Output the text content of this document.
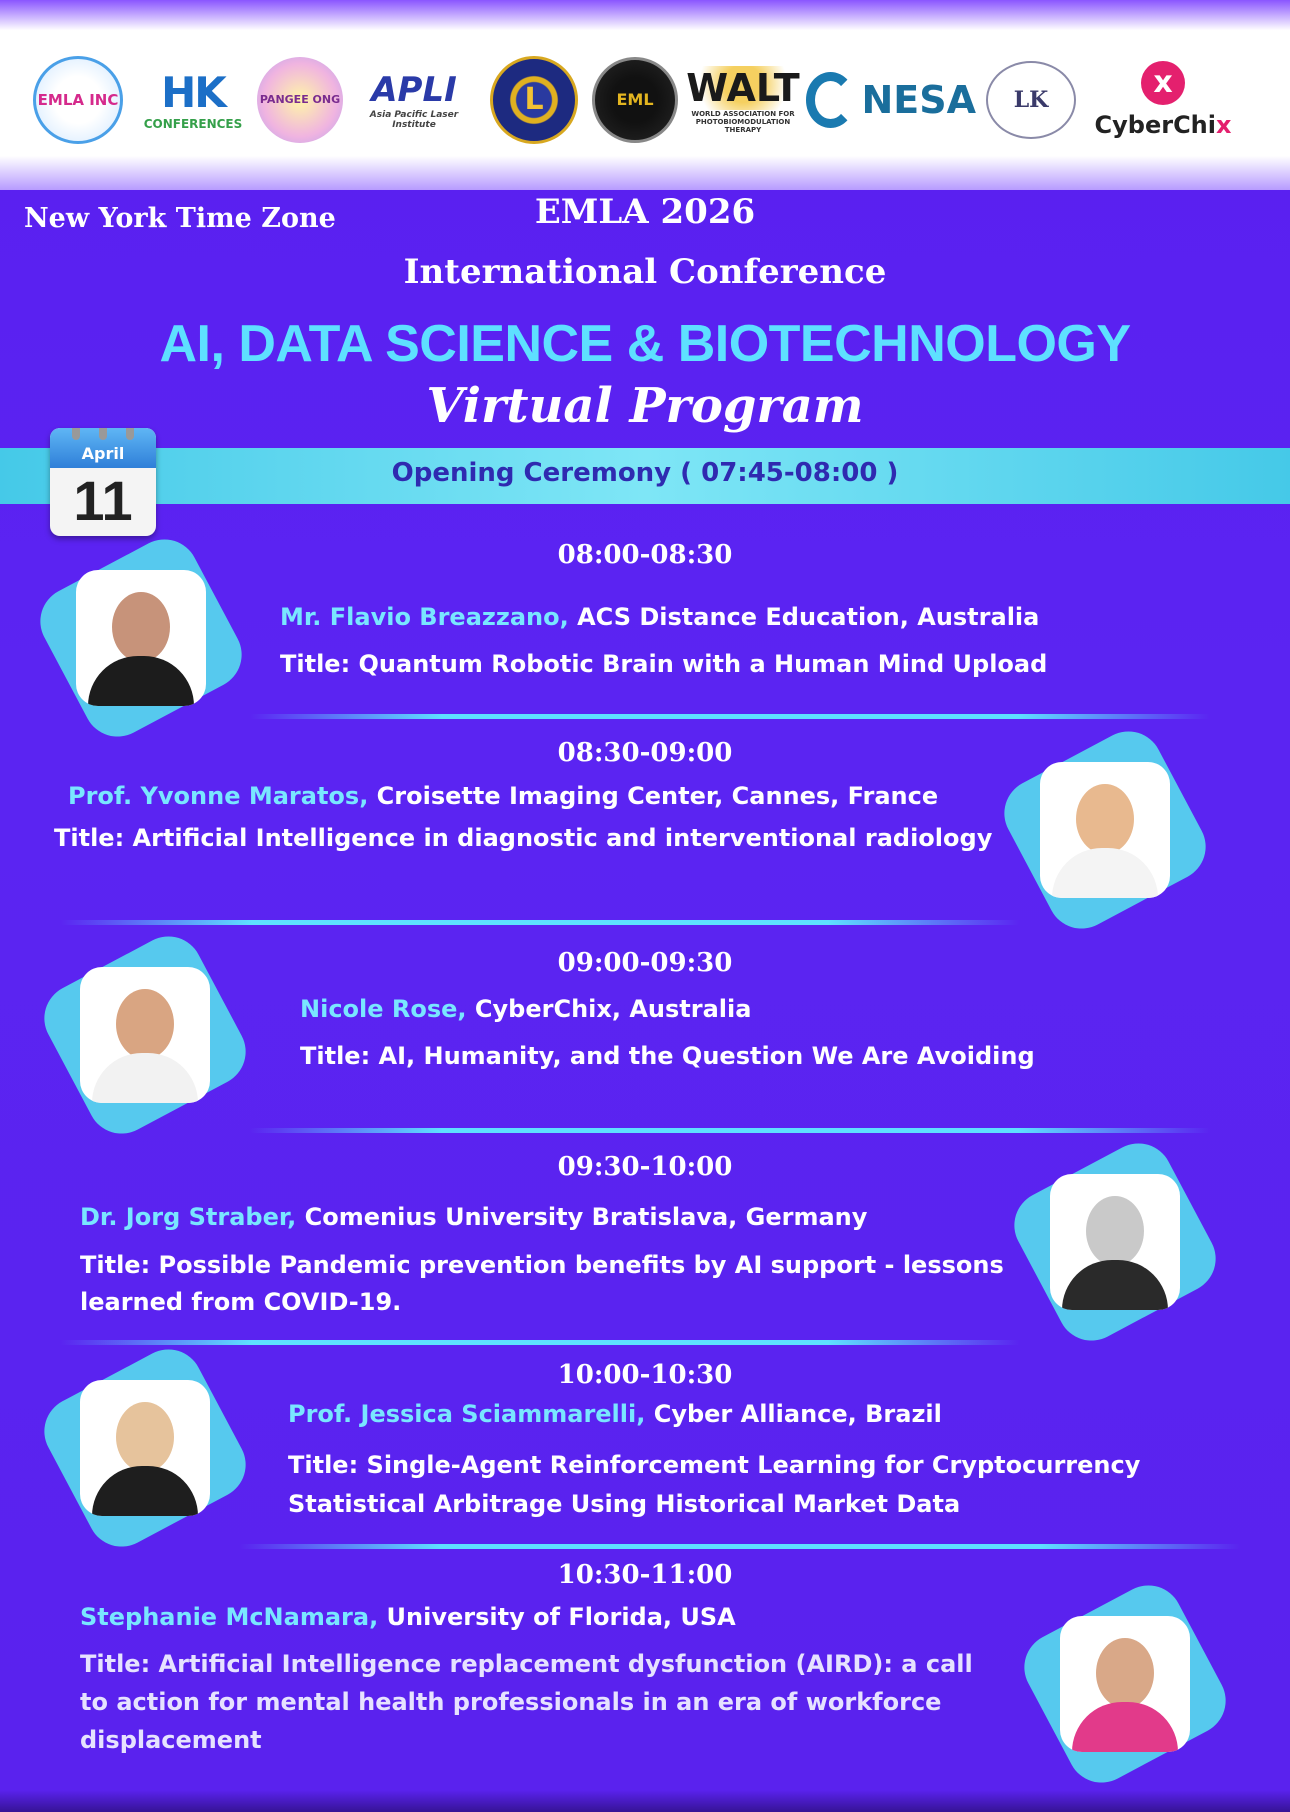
EMLA INC HK
CONFERENCES
PANGEE ONG APLI
Asia Pacific Laser Institute
L	EML WALT
WORLD ASSOCIATION FOR PHOTOBIOMODULATION THERAPY
NESA LK	x
CyberChix
New York Time Zone	EMLA 2026
International Conference
AI, DATA SCIENCE & BIOTECHNOLOGY
Virtual Program
Opening Ceremony ( 07:45-08:00 )
April
11
08:00-08:30
Mr. Flavio Breazzano, ACS Distance Education, Australia
Title: Quantum Robotic Brain with a Human Mind Upload
08:30-09:00
Prof. Yvonne Maratos, Croisette Imaging Center, Cannes, France
Title: Artificial Intelligence in diagnostic and interventional radiology
09:00-09:30
Nicole Rose, CyberChix, Australia
Title: AI, Humanity, and the Question We Are Avoiding
09:30-10:00
Dr. Jorg Straber, Comenius University Bratislava, Germany
Title: Possible Pandemic prevention benefits by AI support - lessons
learned from COVID-19.
10:00-10:30
Prof. Jessica Sciammarelli, Cyber Alliance, Brazil
Title: Single-Agent Reinforcement Learning for Cryptocurrency
Statistical Arbitrage Using Historical Market Data
10:30-11:00
Stephanie McNamara, University of Florida, USA
Title: Artificial Intelligence replacement dysfunction (AIRD): a call
to action for mental health professionals in an era of workforce
displacement
